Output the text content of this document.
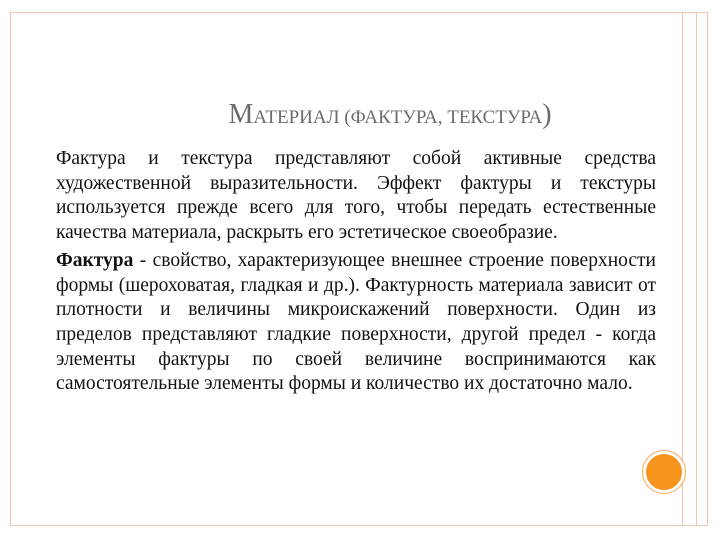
МАТЕРИАЛ (ФАКТУРА, ТЕКСТУРА)

Фактура и текстура представляют собой активные средства художественной выразительности. Эффект фактуры и текстуры используется прежде всего для того, чтобы передать естественные качества материала, раскрыть его эстетическое своеобразие.

Фактура - свойство, характеризующее внешнее строение поверхности формы (шероховатая, гладкая и др.). Фактурность материала зависит от плотности и величины микроискажений поверхности. Один из пределов представляют гладкие поверхности, другой предел - когда элементы фактуры по своей величине воспринимаются как самостоятельные элементы формы и количество их достаточно мало.
